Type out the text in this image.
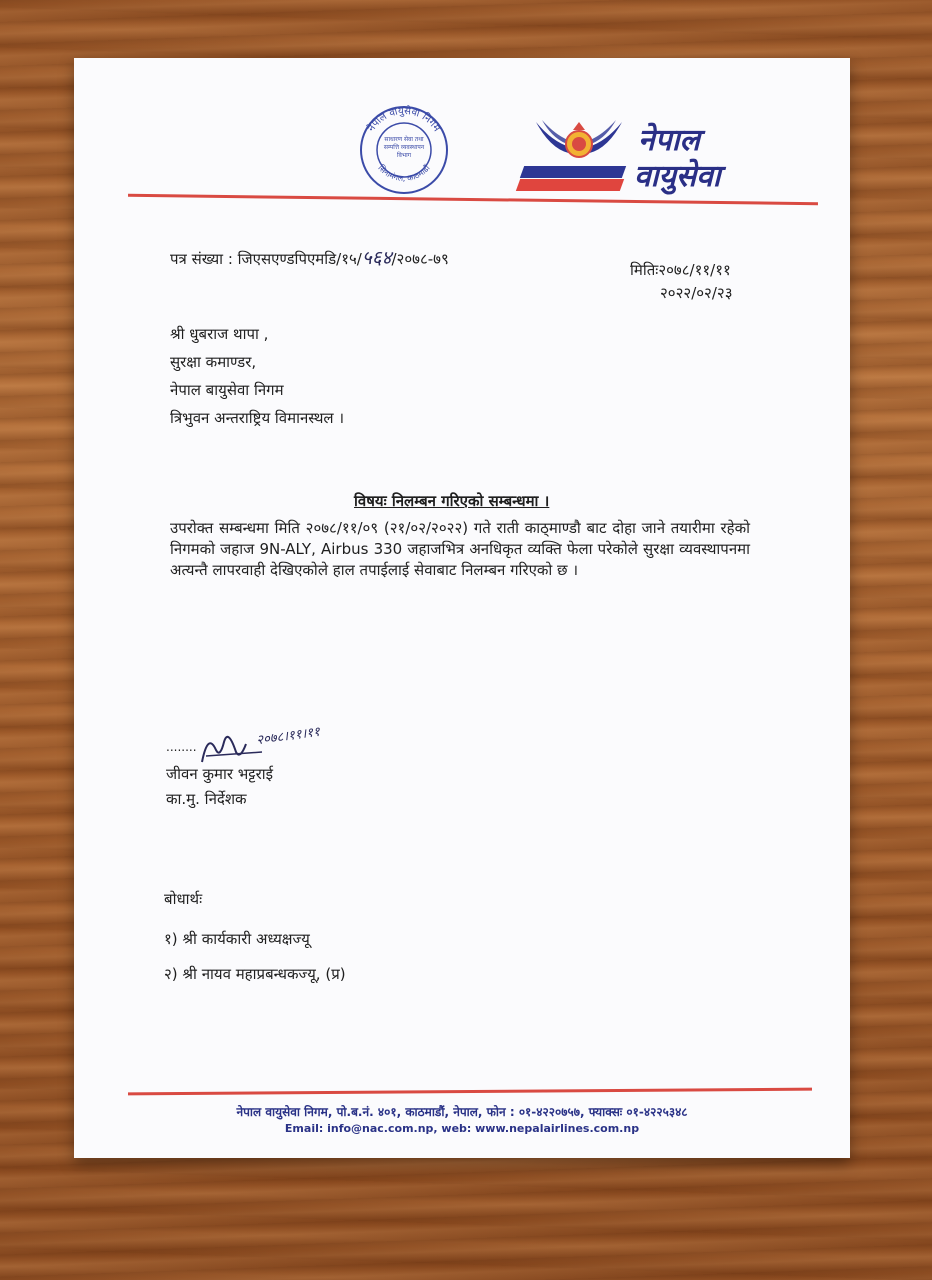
नेपाल वायुसेवा निगम
सिनामंगल, काठमाडौं
साधारण सेवा तथा सम्पत्ति व्यवस्थापन विभाग	नेपाल
वायुसेवा
पत्र संख्या : जिएसएण्डपिएमडि/१५/५६४/२०७८-७९
मितिः२०७८/११/११
२०२२/०२/२३
श्री धुबराज थापा ,
सुरक्षा कमाण्डर,
नेपाल बायुसेवा निगम
त्रिभुवन अन्तराष्ट्रिय विमानस्थल ।
विषयः निलम्बन गरिएको सम्बन्धमा ।
उपरोक्त सम्बन्धमा मिति २०७८/११/०९ (२१/०२/२०२२) गते राती काठ्माण्डौ बाट दोहा जाने तयारीमा रहेको निगमको जहाज 9N-ALY, Airbus 330 जहाजभित्र अनधिकृत व्यक्ति फेला परेकोले सुरक्षा व्यवस्थापनमा अत्यन्तै लापरवाही देखिएकोले हाल तपाईलाई सेवाबाट निलम्बन गरिएको छ ।
........	२०७८।११।११
जीवन कुमार भट्टराई
का.मु. निर्देशक
बोधार्थः
१) श्री कार्यकारी अध्यक्षज्यू
२) श्री नायव महाप्रबन्धकज्यू, (प्र)
नेपाल वायुसेवा निगम, पो.ब.नं. ४०१, काठमाडौं, नेपाल, फोन : ०१-४२२०७५७, फ्याक्सः ०१-४२२५३४८
Email: info@nac.com.np, web: www.nepalairlines.com.np
